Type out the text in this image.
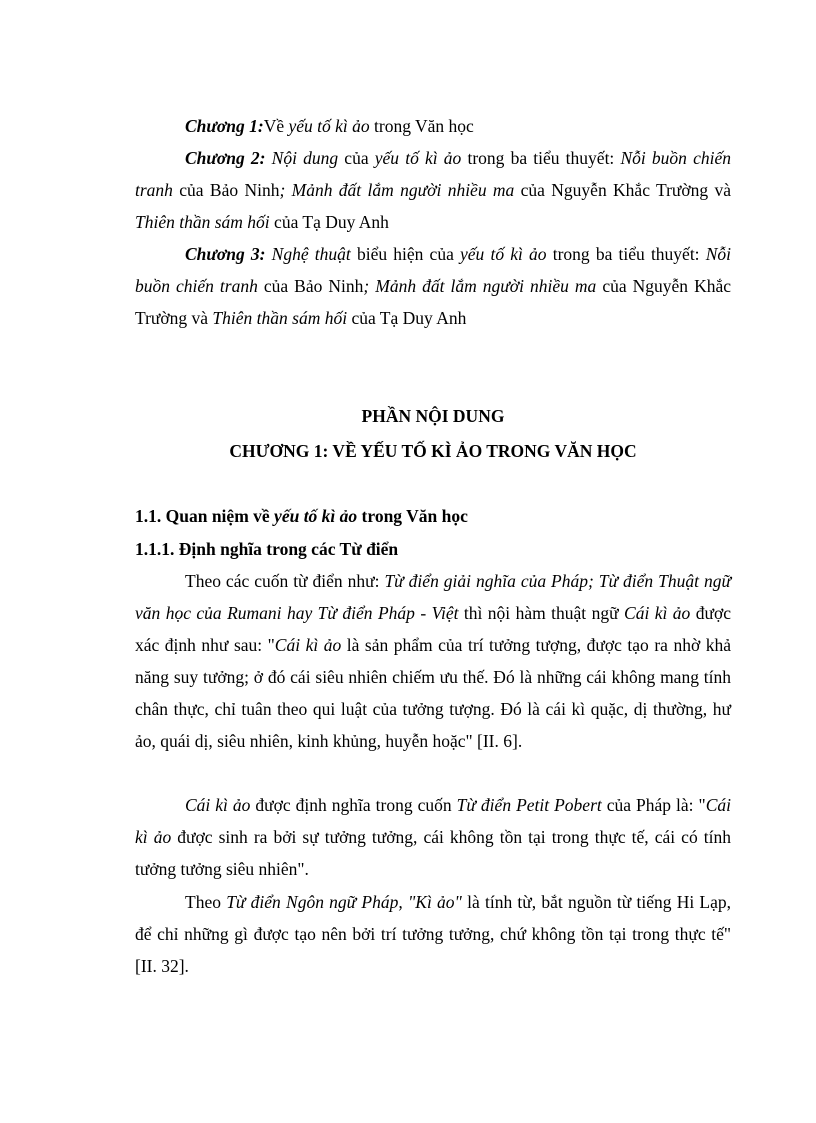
Chương 1:Về yếu tố kì ảo trong Văn học

Chương 2: Nội dung của yếu tố kì ảo trong ba tiểu thuyết: Nỗi buồn chiến tranh của Bảo Ninh; Mảnh đất lắm người nhiều ma của Nguyễn Khắc Trường và Thiên thần sám hối của Tạ Duy Anh

Chương 3: Nghệ thuật biểu hiện của yếu tố kì ảo trong ba tiểu thuyết: Nỗi buồn chiến tranh của Bảo Ninh; Mảnh đất lắm người nhiều ma của Nguyễn Khắc Trường và Thiên thần sám hối của Tạ Duy Anh

PHẦN NỘI DUNG
CHƯƠNG 1: VỀ YẾU TỐ KÌ ẢO TRONG VĂN HỌC

1.1. Quan niệm về yếu tố kì ảo trong Văn học

1.1.1. Định nghĩa trong các Từ điển

Theo các cuốn từ điển như: Từ điển giải nghĩa của Pháp; Từ điển Thuật ngữ văn học của Rumani hay Từ điển Pháp - Việt thì nội hàm thuật ngữ Cái kì ảo được xác định như sau: "Cái kì ảo là sản phẩm của trí tưởng tượng, được tạo ra nhờ khả năng suy tưởng; ở đó cái siêu nhiên chiếm ưu thế. Đó là những cái không mang tính chân thực, chỉ tuân theo qui luật của tưởng tượng. Đó là cái kì quặc, dị thường, hư ảo, quái dị, siêu nhiên, kinh khủng, huyễn hoặc" [II. 6].

Cái kì ảo được định nghĩa trong cuốn Từ điển Petit Pobert của Pháp là: "Cái kì ảo được sinh ra bởi sự tưởng tưởng, cái không tồn tại trong thực tế, cái có tính tưởng tưởng siêu nhiên".

Theo Từ điển Ngôn ngữ Pháp, "Kì ảo" là tính từ, bắt nguồn từ tiếng Hi Lạp, để chỉ những gì được tạo nên bởi trí tưởng tưởng, chứ không tồn tại trong thực tế" [II. 32].
